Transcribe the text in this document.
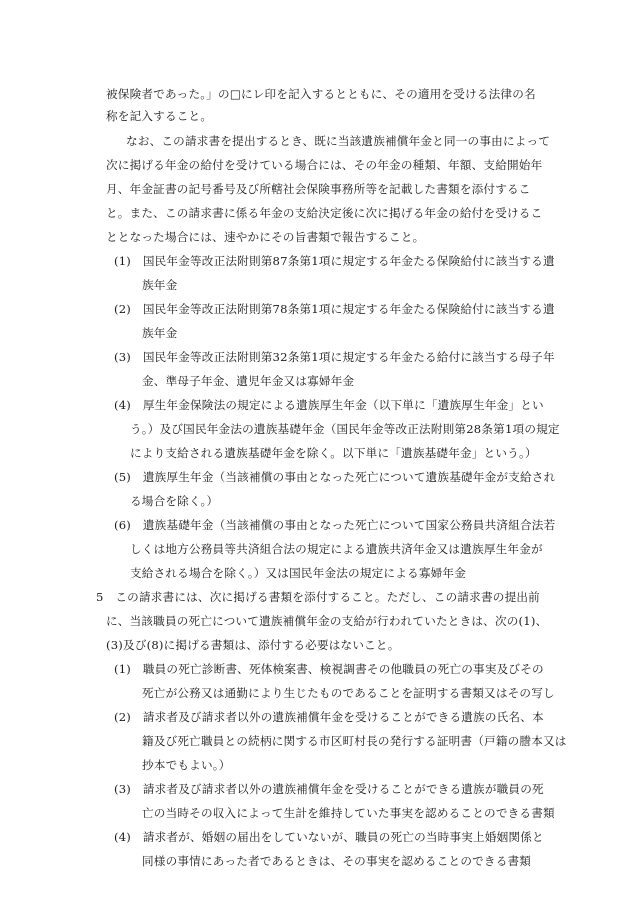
被保険者であった。」の□にレ印を記入するとともに、その適用を受ける法律の名
称を記入すること。
なお、この請求書を提出するとき、既に当該遺族補償年金と同一の事由によって
次に掲げる年金の給付を受けている場合には、その年金の種類、年額、支給開始年
月、年金証書の記号番号及び所轄社会保険事務所等を記載した書類を添付するこ
と。また、この請求書に係る年金の支給決定後に次に掲げる年金の給付を受けるこ
ととなった場合には、速やかにその旨書類で報告すること。
(1)　国民年金等改正法附則第87条第1項に規定する年金たる保険給付に該当する遺
族年金
(2)　国民年金等改正法附則第78条第1項に規定する年金たる保険給付に該当する遺
族年金
(3)　国民年金等改正法附則第32条第1項に規定する年金たる給付に該当する母子年
金、準母子年金、遺児年金又は寡婦年金
(4)　厚生年金保険法の規定による遺族厚生年金（以下単に「遺族厚生年金」とい
う。）及び国民年金法の遺族基礎年金（国民年金等改正法附則第28条第1項の規定
により支給される遺族基礎年金を除く。以下単に「遺族基礎年金」という。）
(5)　遺族厚生年金（当該補償の事由となった死亡について遺族基礎年金が支給され
る場合を除く。）
(6)　遺族基礎年金（当該補償の事由となった死亡について国家公務員共済組合法若
しくは地方公務員等共済組合法の規定による遺族共済年金又は遺族厚生年金が
支給される場合を除く。）又は国民年金法の規定による寡婦年金
5　この請求書には、次に掲げる書類を添付すること。ただし、この請求書の提出前
に、当該職員の死亡について遺族補償年金の支給が行われていたときは、次の(1)、
(3)及び(8)に掲げる書類は、添付する必要はないこと。
(1)　職員の死亡診断書、死体検案書、検視調書その他職員の死亡の事実及びその
死亡が公務又は通勤により生じたものであることを証明する書類又はその写し
(2)　請求者及び請求者以外の遺族補償年金を受けることができる遺族の氏名、本
籍及び死亡職員との続柄に関する市区町村長の発行する証明書（戸籍の謄本又は
抄本でもよい。）
(3)　請求者及び請求者以外の遺族補償年金を受けることができる遺族が職員の死
亡の当時その収入によって生計を維持していた事実を認めることのできる書類
(4)　請求者が、婚姻の届出をしていないが、職員の死亡の当時事実上婚姻関係と
同様の事情にあった者であるときは、その事実を認めることのできる書類
